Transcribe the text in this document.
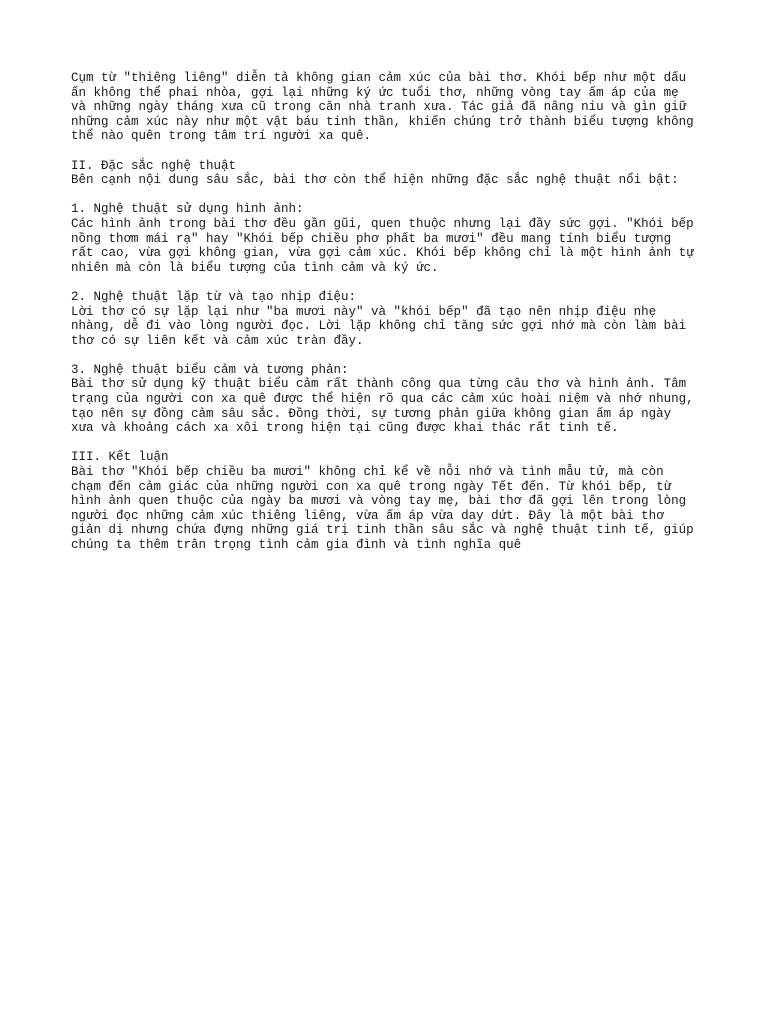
Cụm từ "thiêng liêng" diễn tả không gian cảm xúc của bài thơ. Khói bếp như một dấu
ấn không thể phai nhòa, gợi lại những ký ức tuổi thơ, những vòng tay ấm áp của mẹ
và những ngày tháng xưa cũ trong căn nhà tranh xưa. Tác giả đã nâng niu và gìn giữ
những cảm xúc này như một vật báu tinh thần, khiến chúng trở thành biểu tượng không
thể nào quên trong tâm trí người xa quê.
II. Đặc sắc nghệ thuật
Bên cạnh nội dung sâu sắc, bài thơ còn thể hiện những đặc sắc nghệ thuật nổi bật:
1. Nghệ thuật sử dụng hình ảnh:
Các hình ảnh trong bài thơ đều gần gũi, quen thuộc nhưng lại đầy sức gợi. "Khói bếp
nồng thơm mái rạ" hay "Khói bếp chiều phơ phất ba mươi" đều mang tính biểu tượng
rất cao, vừa gợi không gian, vừa gợi cảm xúc. Khói bếp không chỉ là một hình ảnh tự
nhiên mà còn là biểu tượng của tình cảm và ký ức.
2. Nghệ thuật lặp từ và tạo nhịp điệu:
Lời thơ có sự lặp lại như "ba mươi này" và "khói bếp" đã tạo nên nhịp điệu nhẹ
nhàng, dễ đi vào lòng người đọc. Lời lặp không chỉ tăng sức gợi nhớ mà còn làm bài
thơ có sự liên kết và cảm xúc tràn đầy.
3. Nghệ thuật biểu cảm và tương phản:
Bài thơ sử dụng kỹ thuật biểu cảm rất thành công qua từng câu thơ và hình ảnh. Tâm
trạng của người con xa quê được thể hiện rõ qua các cảm xúc hoài niệm và nhớ nhung,
tạo nên sự đồng cảm sâu sắc. Đồng thời, sự tương phản giữa không gian ấm áp ngày
xưa và khoảng cách xa xôi trong hiện tại cũng được khai thác rất tinh tế.
III. Kết luận
Bài thơ "Khói bếp chiều ba mươi" không chỉ kể về nỗi nhớ và tình mẫu tử, mà còn
chạm đến cảm giác của những người con xa quê trong ngày Tết đến. Từ khói bếp, từ
hình ảnh quen thuộc của ngày ba mươi và vòng tay mẹ, bài thơ đã gợi lên trong lòng
người đọc những cảm xúc thiêng liêng, vừa ấm áp vừa day dứt. Đây là một bài thơ
giản dị nhưng chứa đựng những giá trị tinh thần sâu sắc và nghệ thuật tinh tế, giúp
chúng ta thêm trân trọng tình cảm gia đình và tình nghĩa quê
